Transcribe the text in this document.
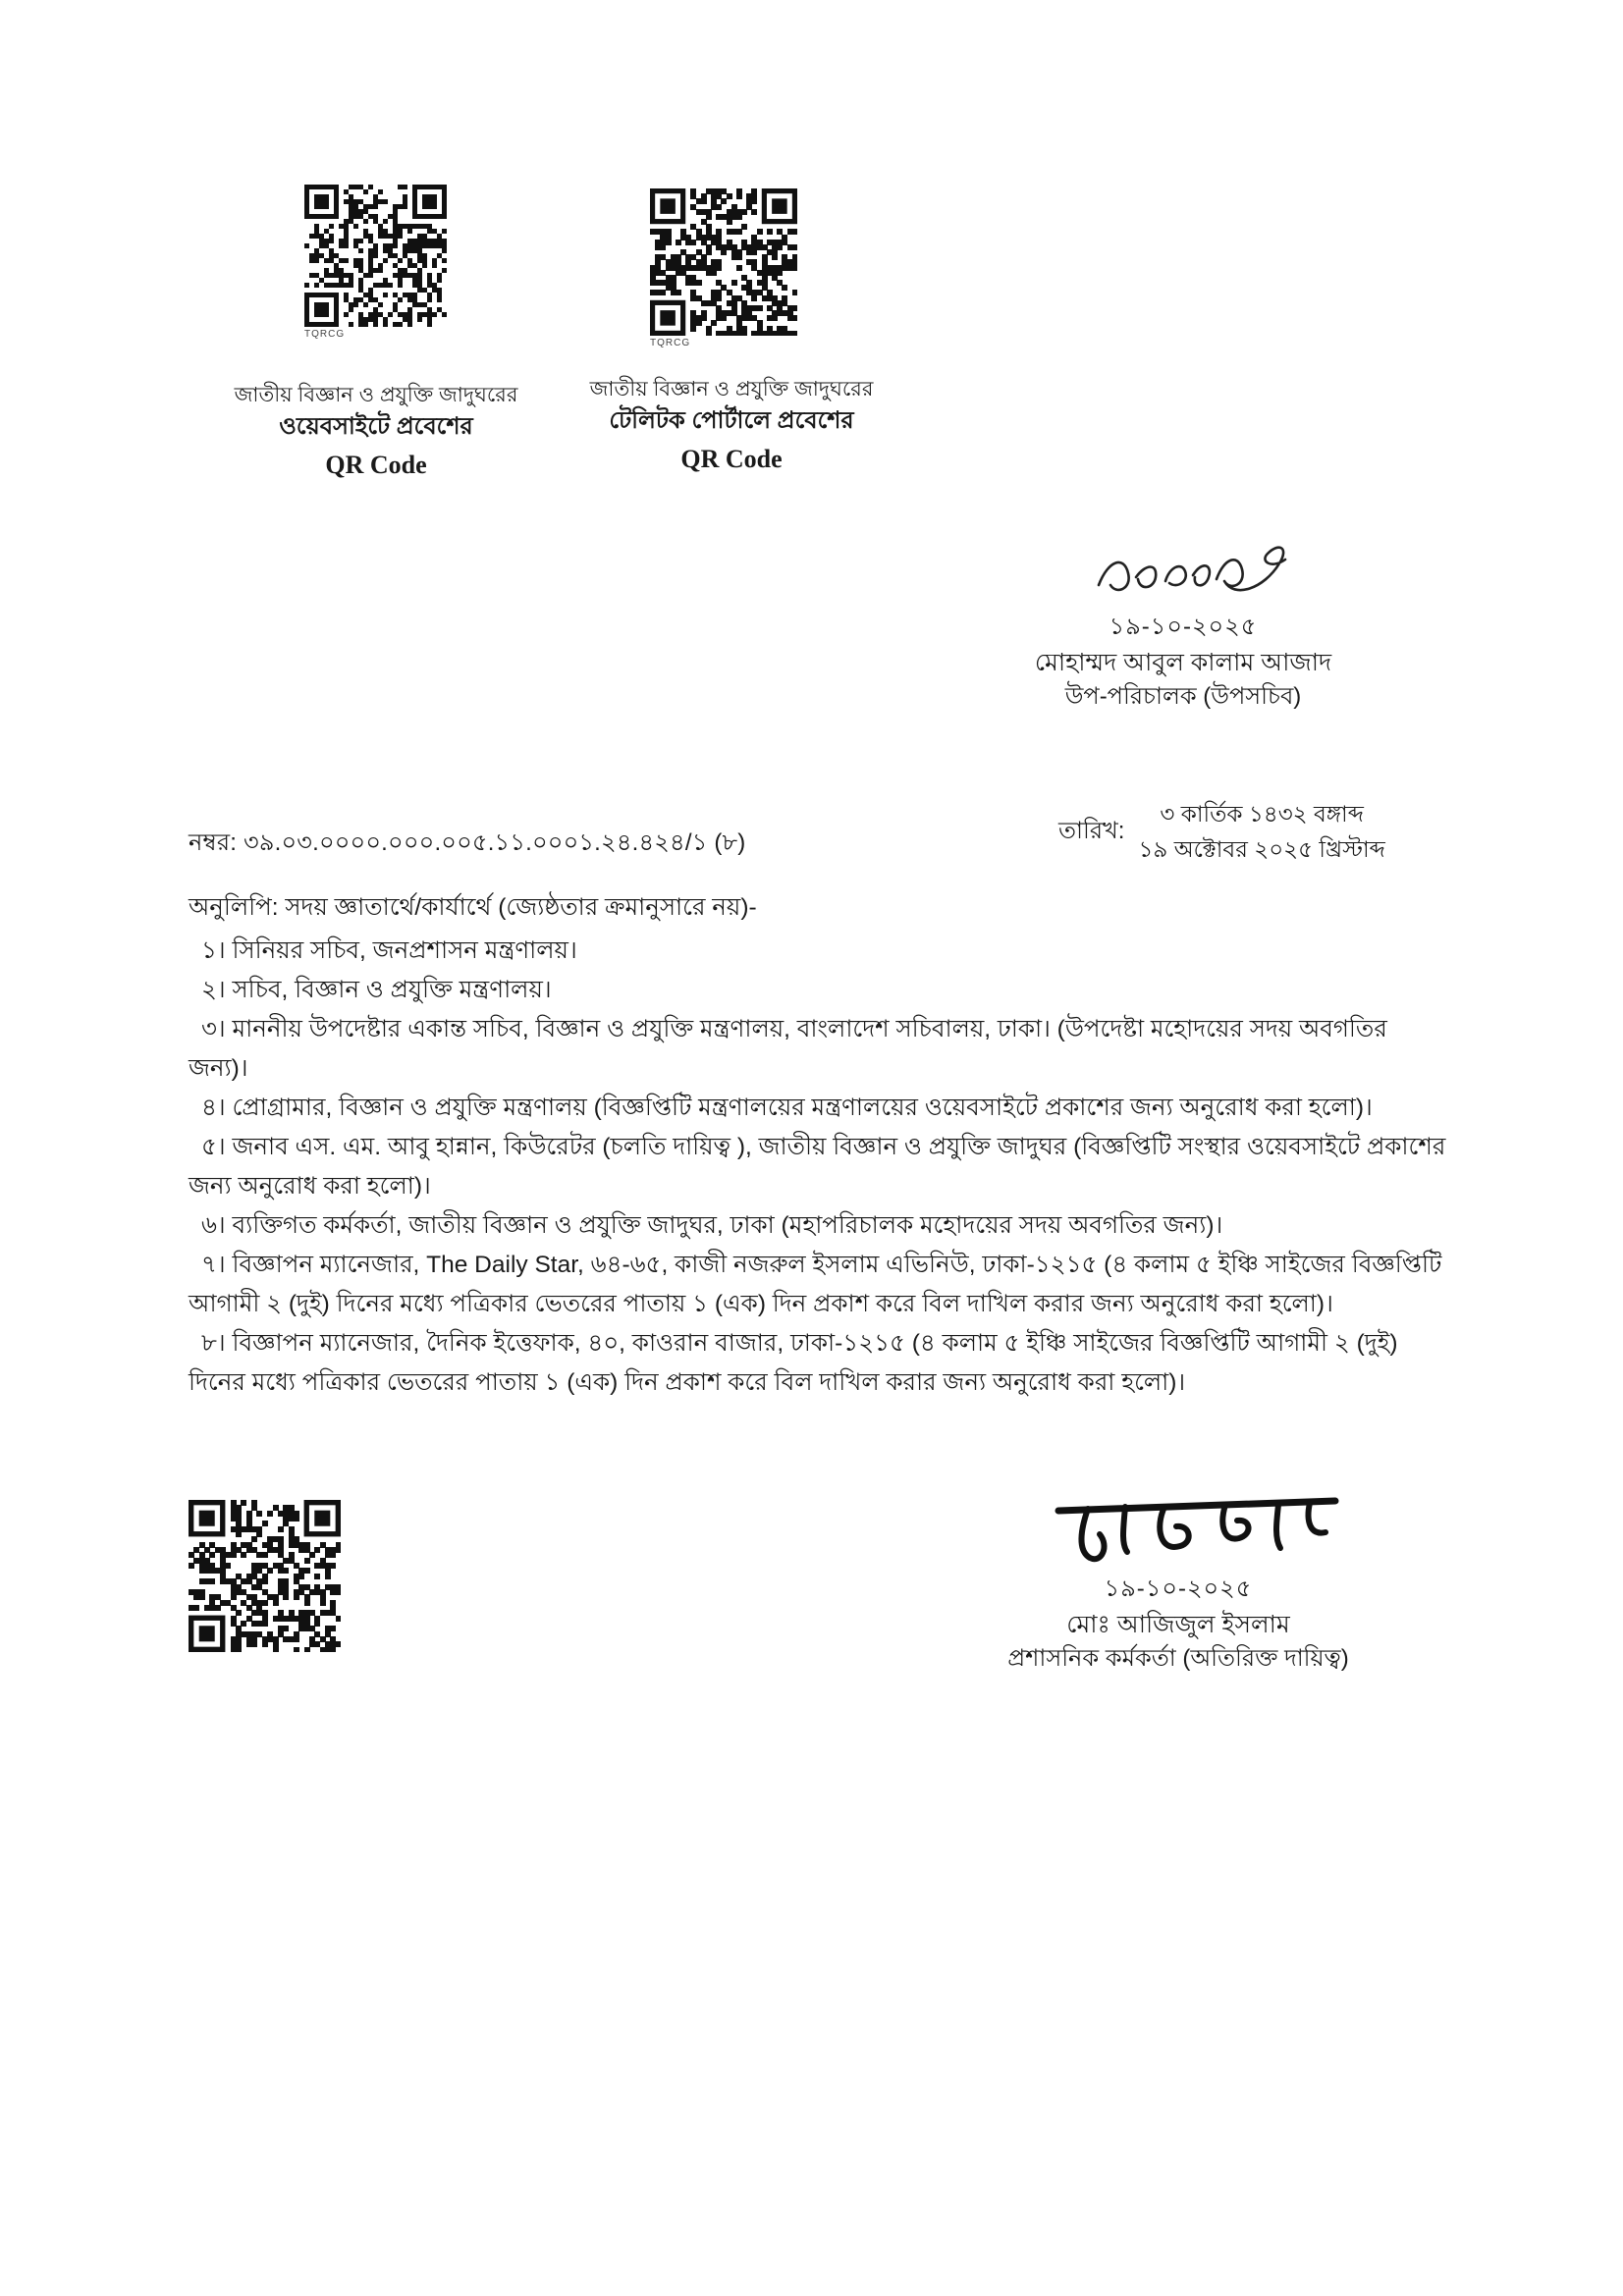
TQRCG
TQRCG
জাতীয় বিজ্ঞান ও প্রযুক্তি জাদুঘরের
ওয়েবসাইটে প্রবেশের
QR Code
জাতীয় বিজ্ঞান ও প্রযুক্তি জাদুঘরের
টেলিটক পোর্টালে প্রবেশের
QR Code
১৯-১০-২০২৫
মোহাম্মদ আবুল কালাম আজাদ
উপ-পরিচালক (উপসচিব)
নম্বর: ৩৯.০৩.০০০০.০০০.০০৫.১১.০০০১.২৪.৪২৪/১ (৮)	তারিখ:
৩ কার্তিক ১৪৩২ বঙ্গাব্দ
১৯ অক্টোবর ২০২৫ খ্রিস্টাব্দ
অনুলিপি: সদয় জ্ঞাতার্থে/কার্যার্থে (জ্যেষ্ঠতার ক্রমানুসারে নয়)-
১। সিনিয়র সচিব, জনপ্রশাসন মন্ত্রণালয়।
২। সচিব, বিজ্ঞান ও প্রযুক্তি মন্ত্রণালয়।
৩। মাননীয় উপদেষ্টার একান্ত সচিব, বিজ্ঞান ও প্রযুক্তি মন্ত্রণালয়, বাংলাদেশ সচিবালয়, ঢাকা। (উপদেষ্টা মহোদয়ের সদয় অবগতির জন্য)।
৪। প্রোগ্রামার, বিজ্ঞান ও প্রযুক্তি মন্ত্রণালয় (বিজ্ঞপ্তিটি মন্ত্রণালয়ের মন্ত্রণালয়ের ওয়েবসাইটে প্রকাশের জন্য অনুরোধ করা হলো)।
৫। জনাব এস. এম. আবু হান্নান, কিউরেটর (চলতি দায়িত্ব ), জাতীয় বিজ্ঞান ও প্রযুক্তি জাদুঘর (বিজ্ঞপ্তিটি সংস্থার ওয়েবসাইটে প্রকাশের জন্য অনুরোধ করা হলো)।
৬। ব্যক্তিগত কর্মকর্তা, জাতীয় বিজ্ঞান ও প্রযুক্তি জাদুঘর, ঢাকা (মহাপরিচালক মহোদয়ের সদয় অবগতির জন্য)।
৭। বিজ্ঞাপন ম্যানেজার, The Daily Star, ৬৪-৬৫, কাজী নজরুল ইসলাম এভিনিউ, ঢাকা-১২১৫ (৪ কলাম ৫ ইঞ্চি সাইজের বিজ্ঞপ্তিটি আগামী ২ (দুই) দিনের মধ্যে পত্রিকার ভেতরের পাতায় ১ (এক) দিন প্রকাশ করে বিল দাখিল করার জন্য অনুরোধ করা হলো)।
৮। বিজ্ঞাপন ম্যানেজার, দৈনিক ইত্তেফাক, ৪০, কাওরান বাজার, ঢাকা-১২১৫ (৪ কলাম ৫ ইঞ্চি সাইজের বিজ্ঞপ্তিটি আগামী ২ (দুই) দিনের মধ্যে পত্রিকার ভেতরের পাতায় ১ (এক) দিন প্রকাশ করে বিল দাখিল করার জন্য অনুরোধ করা হলো)।
১৯-১০-২০২৫
মোঃ আজিজুল ইসলাম
প্রশাসনিক কর্মকর্তা (অতিরিক্ত দায়িত্ব)
